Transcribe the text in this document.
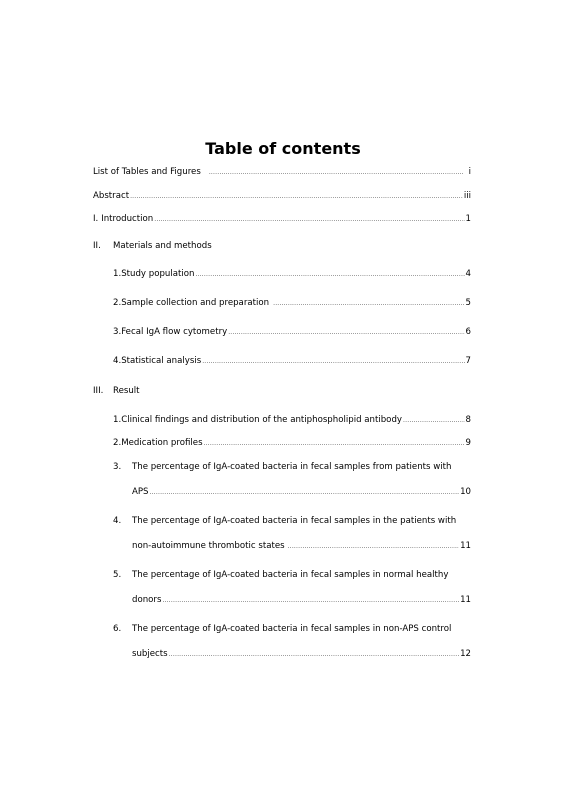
Table of contents
List of Tables and Figures .....	i
Abstract .....	iii
I. Introduction .....	1
II.	Materials and methods
1. Study population .....	4
2. Sample collection and preparation .....	5
3. Fecal IgA flow cytometry .....	6
4. Statistical analysis .....	7
III.	Result
1. Clinical findings and distribution of the antiphospholipid antibody .....	8
2. Medication profiles .....	9
3. The percentage of IgA-coated bacteria in fecal samples from patients with
APS .....	10
4. The percentage of IgA-coated bacteria in fecal samples in the patients with
non-autoimmune thrombotic states .....	11
5. The percentage of IgA-coated bacteria in fecal samples in normal healthy
donors .....	11
6. The percentage of IgA-coated bacteria in fecal samples in non-APS control
subjects .....	12
